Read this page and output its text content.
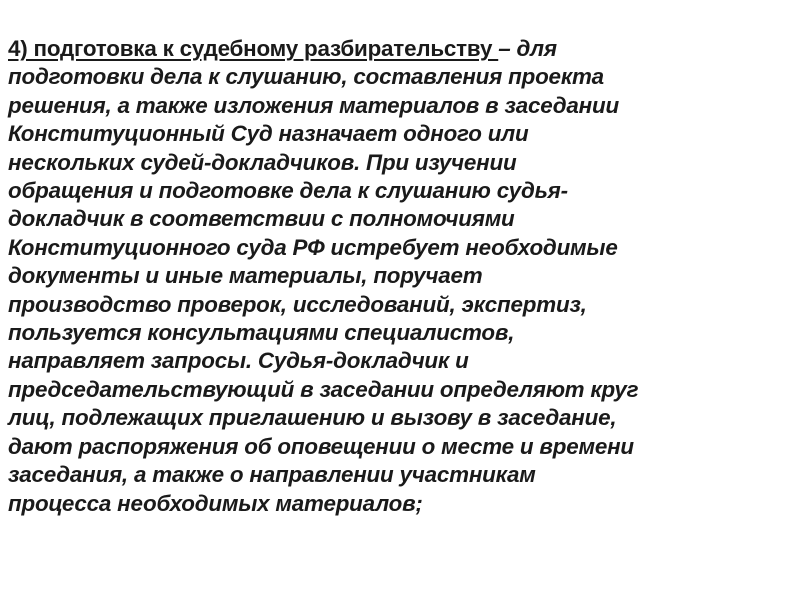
4) подготовка к судебному разбирательству – для
подготовки дела к слушанию, составления проекта
решения, а также изложения материалов в заседании
Конституционный Суд назначает одного или
нескольких судей-докладчиков. При изучении
обращения и подготовке дела к слушанию судья-
докладчик в соответствии с полномочиями
Конституционного суда РФ истребует необходимые
документы и иные материалы, поручает
производство проверок, исследований, экспертиз,
пользуется консультациями специалистов,
направляет запросы. Судья-докладчик и
председательствующий в заседании определяют круг
лиц, подлежащих приглашению и вызову в заседание,
дают распоряжения об оповещении о месте и времени
заседания, а также о направлении участникам
процесса необходимых материалов;
